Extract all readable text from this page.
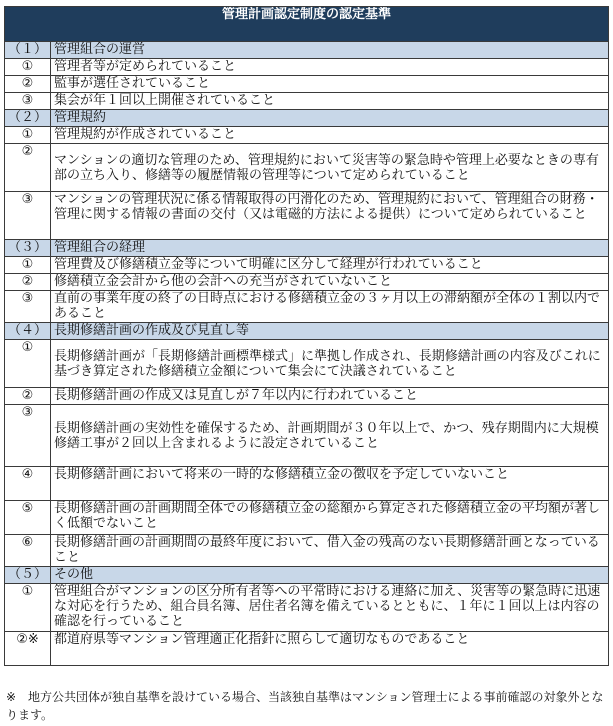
管理計画認定制度の認定基準	
（１）	管理組合の運営
①	管理者等が定められていること
②	監事が選任されていること
③	集会が年１回以上開催されていること
（２）	管理規約
①	管理規約が作成されていること
②	マンションの適切な管理のため、管理規約において災害等の緊急時や管理上必要なときの専有部の立ち入り、修繕等の履歴情報の管理等について定められていること
③	マンションの管理状況に係る情報取得の円滑化のため、管理規約において、管理組合の財務・管理に関する情報の書面の交付（又は電磁的方法による提供）について定められていること
（３）	管理組合の経理
①	管理費及び修繕積立金等について明確に区分して経理が行われていること
②	修繕積立金会計から他の会計への充当がされていないこと
③	直前の事業年度の終了の日時点における修繕積立金の３ヶ月以上の滞納額が全体の１割以内であること
（４）	長期修繕計画の作成及び見直し等
①	長期修繕計画が「長期修繕計画標準様式」に準拠し作成され、長期修繕計画の内容及びこれに基づき算定された修繕積立金額について集会にて決議されていること
②	長期修繕計画の作成又は見直しが７年以内に行われていること
③	長期修繕計画の実効性を確保するため、計画期間が３０年以上で、かつ、残存期間内に大規模修繕工事が２回以上含まれるように設定されていること
④	長期修繕計画において将来の一時的な修繕積立金の徴収を予定していないこと
⑤	長期修繕計画の計画期間全体での修繕積立金の総額から算定された修繕積立金の平均額が著しく低額でないこと
⑥	長期修繕計画の計画期間の最終年度において、借入金の残高のない長期修繕計画となっていること
（５）	その他
①	管理組合がマンションの区分所有者等への平常時における連絡に加え、災害等の緊急時に迅速な対応を行うため、組合員名簿、居住者名簿を備えているとともに、１年に１回以上は内容の確認を行っていること
②※	都道府県等マンション管理適正化指針に照らして適切なものであること
※ 地方公共団体が独自基準を設けている場合、当該独自基準はマンション管理士による事前確認の対象外となります。
